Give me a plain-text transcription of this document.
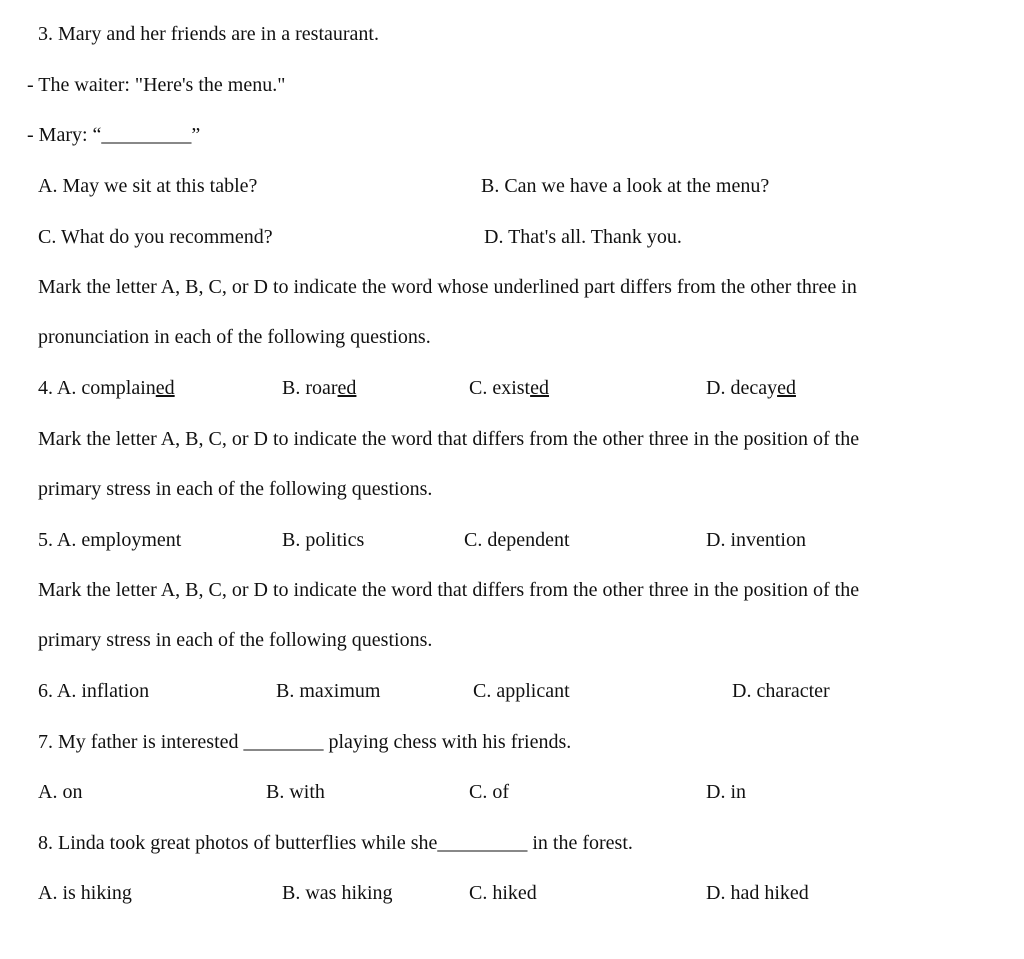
3. Mary and her friends are in a restaurant.
- The waiter: "Here's the menu."
- Mary: “_________”
A. May we sit at this table?	B. Can we have a look at the menu?
C. What do you recommend?	D. That's all. Thank you.
Mark the letter A, B, C, or D to indicate the word whose underlined part differs from the other three in
pronunciation in each of the following questions.
4. A. complained	B. roared	C. existed	D. decayed
Mark the letter A, B, C, or D to indicate the word that differs from the other three in the position of the
primary stress in each of the following questions.
5. A. employment	B. politics	C. dependent	D. invention
Mark the letter A, B, C, or D to indicate the word that differs from the other three in the position of the
primary stress in each of the following questions.
6. A. inflation	B. maximum	C. applicant	D. character
7. My father is interested ________ playing chess with his friends.
A. on	B. with	C. of	D. in
8. Linda took great photos of butterflies while she_________ in the forest.
A. is hiking	B. was hiking	C. hiked	D. had hiked
